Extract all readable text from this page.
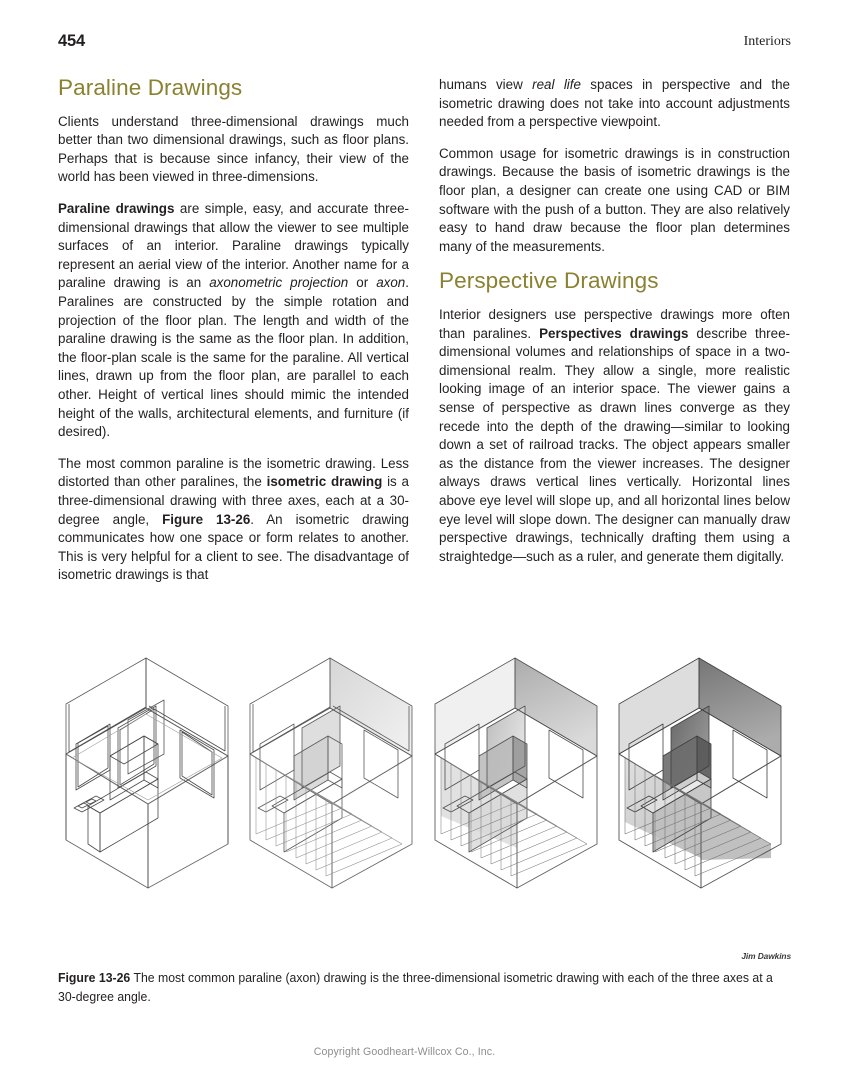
454	Interiors
Paraline Drawings

Clients understand three-dimensional drawings much better than two dimensional drawings, such as floor plans. Perhaps that is because since infancy, their view of the world has been viewed in three-dimensions.

Paraline drawings are simple, easy, and accurate three-dimensional drawings that allow the viewer to see multiple surfaces of an interior. Paraline drawings typically represent an aerial view of the interior. Another name for a paraline drawing is an axonometric projection or axon. Paralines are constructed by the simple rotation and projection of the floor plan. The length and width of the paraline drawing is the same as the floor plan. In addition, the floor-plan scale is the same for the paraline. All vertical lines, drawn up from the floor plan, are parallel to each other. Height of vertical lines should mimic the intended height of the walls, architectural elements, and furniture (if desired).

The most common paraline is the isometric drawing. Less distorted than other paralines, the isometric drawing is a three-dimensional drawing with three axes, each at a 30-degree angle, Figure 13-26. An isometric drawing communicates how one space or form relates to another. This is very helpful for a client to see. The disadvantage of isometric drawings is that

humans view real life spaces in perspective and the isometric drawing does not take into account adjustments needed from a perspective viewpoint.

Common usage for isometric drawings is in construction drawings. Because the basis of isometric drawings is the floor plan, a designer can create one using CAD or BIM software with the push of a button. They are also relatively easy to hand draw because the floor plan determines many of the measurements.

Perspective Drawings

Interior designers use perspective drawings more often than paralines. Perspectives drawings describe three-dimensional volumes and relationships of space in a two-dimensional realm. They allow a single, more realistic looking image of an interior space. The viewer gains a sense of perspective as drawn lines converge as they recede into the depth of the drawing—similar to looking down a set of railroad tracks. The object appears smaller as the distance from the viewer increases. The designer always draws vertical lines vertically. Horizontal lines above eye level will slope up, and all horizontal lines below eye level will slope down. The designer can manually draw perspective drawings, technically drafting them using a straightedge—such as a ruler, and generate them digitally.

Jim Dawkins
Figure 13-26 The most common paraline (axon) drawing is the three-dimensional isometric drawing with each of the three axes at a 30-degree angle.
Copyright Goodheart-Willcox Co., Inc.
